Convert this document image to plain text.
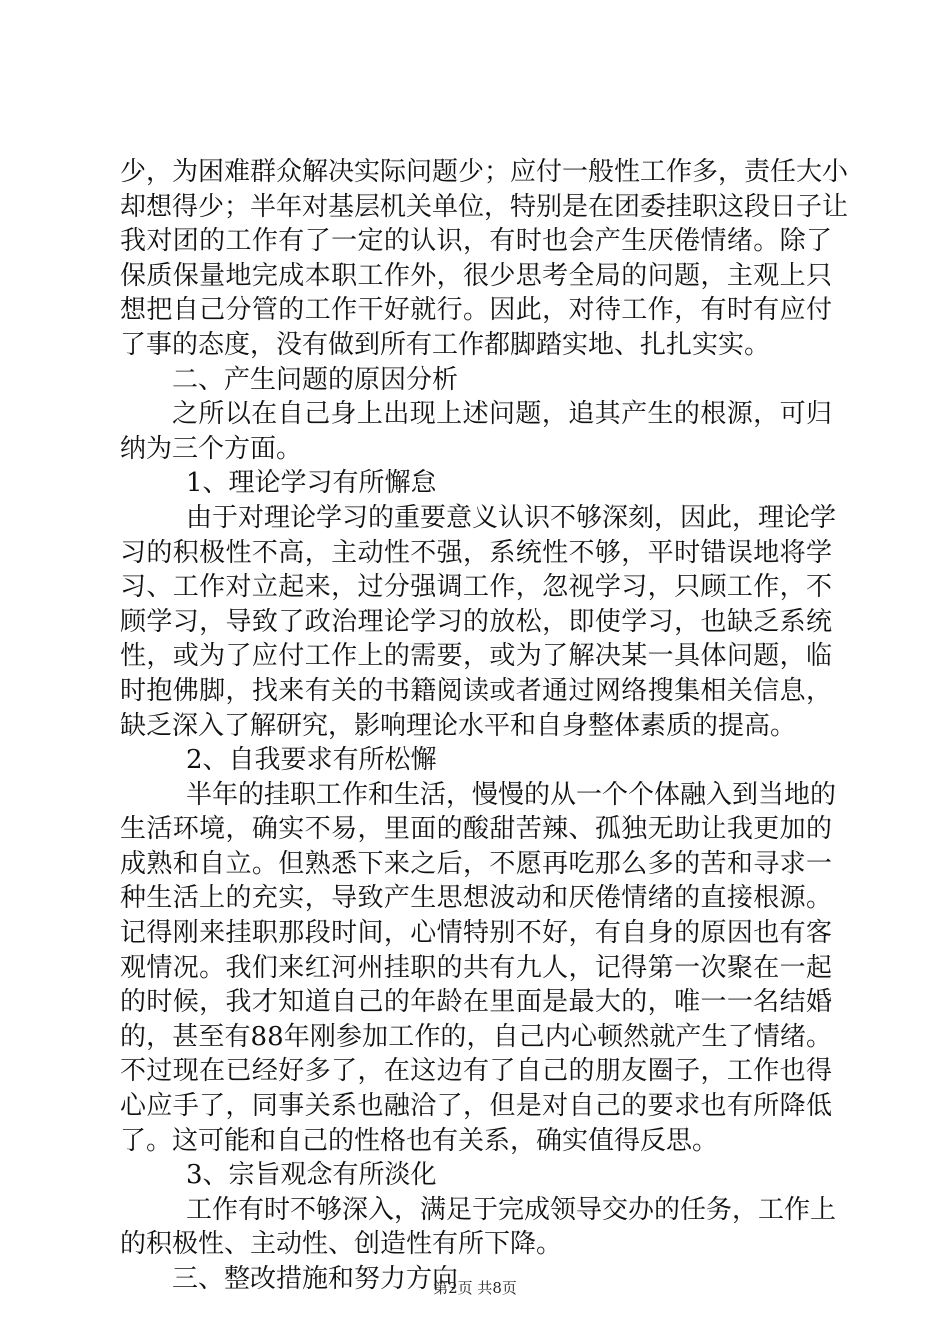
少，为困难群众解决实际问题少；应付一般性工作多，责任大小
却想得少；半年对基层机关单位，特别是在团委挂职这段日子让
我对团的工作有了一定的认识，有时也会产生厌倦情绪。除了
保质保量地完成本职工作外，很少思考全局的问题，主观上只
想把自己分管的工作干好就行。因此，对待工作，有时有应付
了事的态度，没有做到所有工作都脚踏实地、扎扎实实。
二、产生问题的原因分析
之所以在自己身上出现上述问题，追其产生的根源，可归
纳为三个方面。
1、理论学习有所懈怠
由于对理论学习的重要意义认识不够深刻，因此，理论学
习的积极性不高，主动性不强，系统性不够，平时错误地将学
习、工作对立起来，过分强调工作，忽视学习，只顾工作，不
顾学习，导致了政治理论学习的放松，即使学习，也缺乏系统
性，或为了应付工作上的需要，或为了解决某一具体问题，临
时抱佛脚，找来有关的书籍阅读或者通过网络搜集相关信息，
缺乏深入了解研究，影响理论水平和自身整体素质的提高。
2、自我要求有所松懈
半年的挂职工作和生活，慢慢的从一个个体融入到当地的
生活环境，确实不易，里面的酸甜苦辣、孤独无助让我更加的
成熟和自立。但熟悉下来之后，不愿再吃那么多的苦和寻求一
种生活上的充实，导致产生思想波动和厌倦情绪的直接根源。
记得刚来挂职那段时间，心情特别不好，有自身的原因也有客
观情况。我们来红河州挂职的共有九人，记得第一次聚在一起
的时候，我才知道自己的年龄在里面是最大的，唯一一名结婚
的，甚至有88年刚参加工作的，自己内心顿然就产生了情绪。
不过现在已经好多了，在这边有了自己的朋友圈子，工作也得
心应手了，同事关系也融洽了，但是对自己的要求也有所降低
了。这可能和自己的性格也有关系，确实值得反思。
3、宗旨观念有所淡化
工作有时不够深入，满足于完成领导交办的任务，工作上
的积极性、主动性、创造性有所下降。
三、整改措施和努力方向
第2页 共8页
